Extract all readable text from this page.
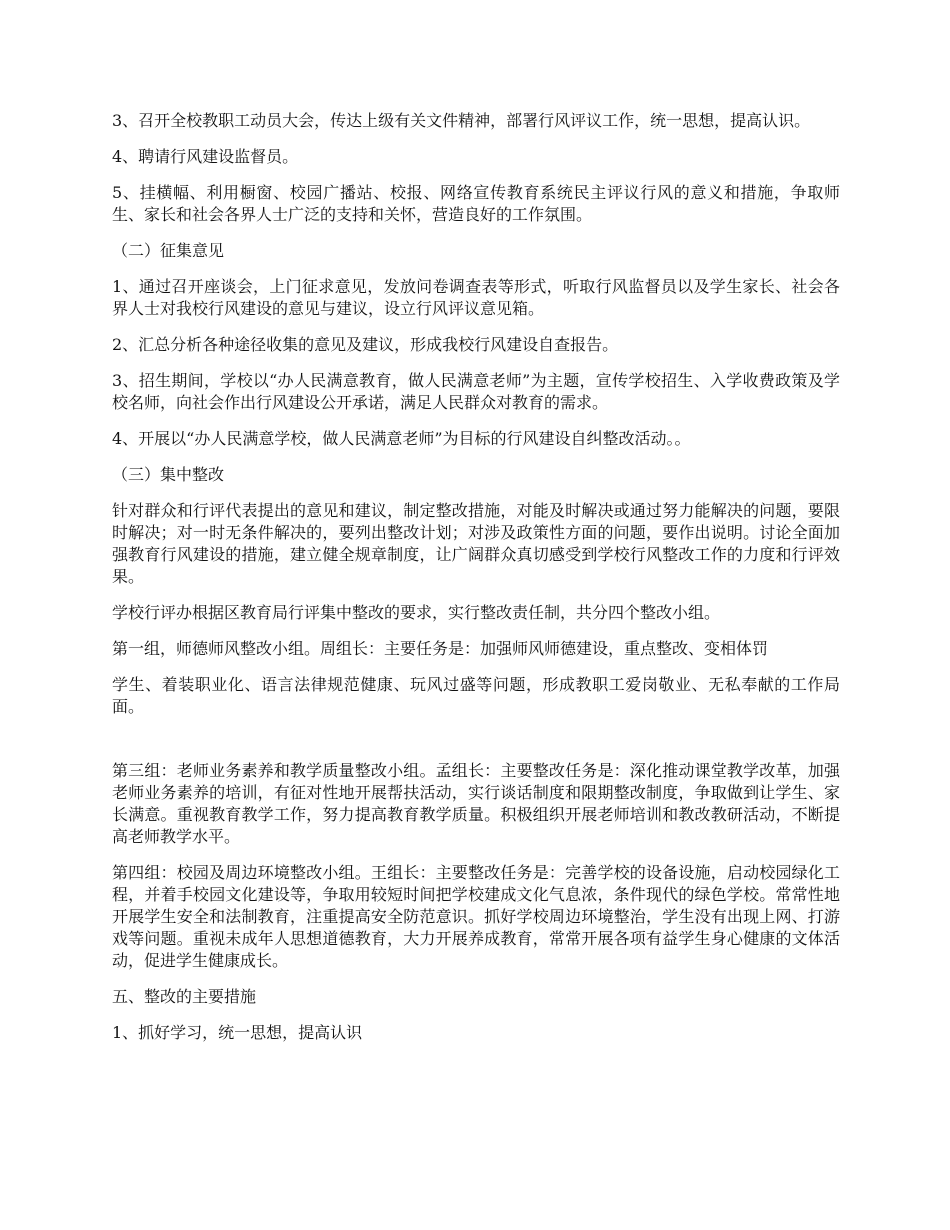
3、召开全校教职工动员大会，传达上级有关文件精神，部署行风评议工作，统一思想，提高认识。

4、聘请行风建设监督员。

5、挂横幅、利用橱窗、校园广播站、校报、网络宣传教育系统民主评议行风的意义和措施，争取师生、家长和社会各界人士广泛的支持和关怀，营造良好的工作氛围。

（二）征集意见

1、通过召开座谈会，上门征求意见，发放问卷调查表等形式，听取行风监督员以及学生家长、社会各界人士对我校行风建设的意见与建议，设立行风评议意见箱。

2、汇总分析各种途径收集的意见及建议，形成我校行风建设自查报告。

3、招生期间，学校以“办人民满意教育，做人民满意老师”为主题，宣传学校招生、入学收费政策及学校名师，向社会作出行风建设公开承诺，满足人民群众对教育的需求。

4、开展以“办人民满意学校，做人民满意老师”为目标的行风建设自纠整改活动。。

（三）集中整改

针对群众和行评代表提出的意见和建议，制定整改措施，对能及时解决或通过努力能解决的问题，要限时解决；对一时无条件解决的，要列出整改计划；对涉及政策性方面的问题，要作出说明。讨论全面加强教育行风建设的措施，建立健全规章制度，让广阔群众真切感受到学校行风整改工作的力度和行评效果。

学校行评办根据区教育局行评集中整改的要求，实行整改责任制，共分四个整改小组。

第一组，师德师风整改小组。周组长：主要任务是：加强师风师德建设，重点整改、变相体罚

学生、着装职业化、语言法律规范健康、玩风过盛等问题，形成教职工爱岗敬业、无私奉献的工作局面。

第三组：老师业务素养和教学质量整改小组。孟组长：主要整改任务是：深化推动课堂教学改革，加强老师业务素养的培训，有征对性地开展帮扶活动，实行谈话制度和限期整改制度，争取做到让学生、家长满意。重视教育教学工作，努力提高教育教学质量。积极组织开展老师培训和教改教研活动，不断提高老师教学水平。

第四组：校园及周边环境整改小组。王组长：主要整改任务是：完善学校的设备设施，启动校园绿化工程，并着手校园文化建设等，争取用较短时间把学校建成文化气息浓，条件现代的绿色学校。常常性地开展学生安全和法制教育，注重提高安全防范意识。抓好学校周边环境整治，学生没有出现上网、打游戏等问题。重视未成年人思想道德教育，大力开展养成教育，常常开展各项有益学生身心健康的文体活动，促进学生健康成长。

五、整改的主要措施

1、抓好学习，统一思想，提高认识
